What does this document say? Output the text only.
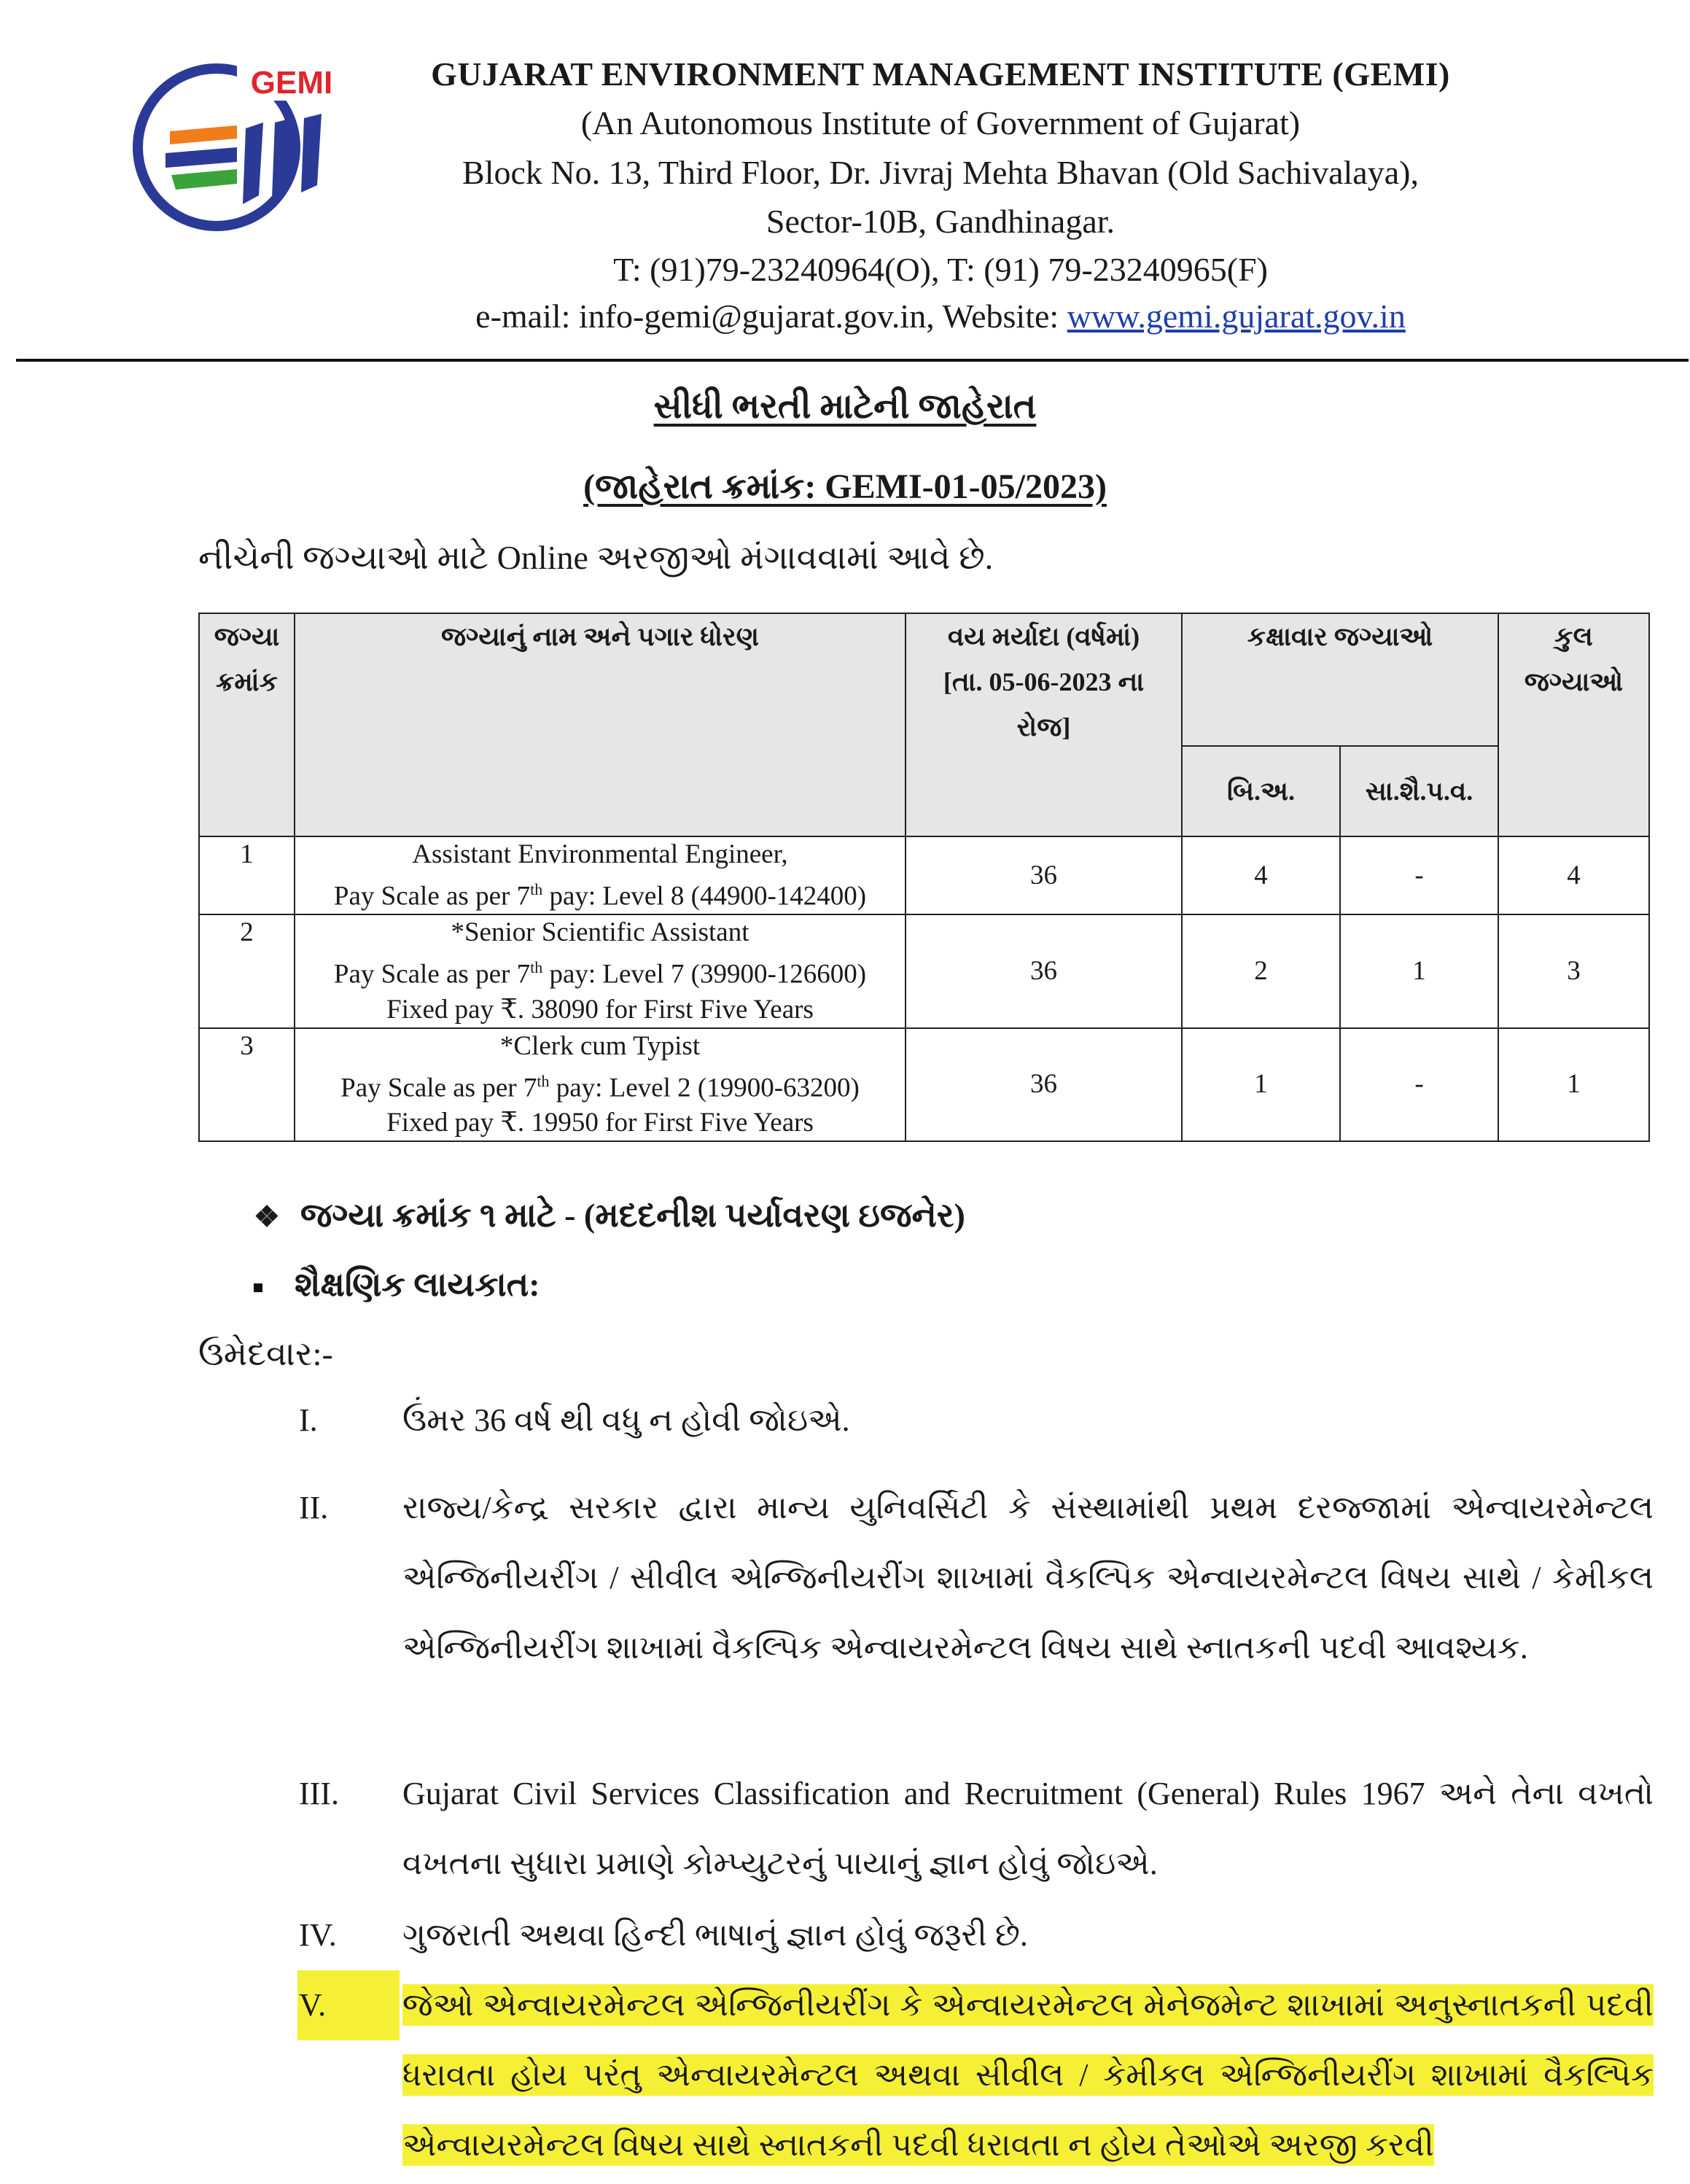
GEMI	GUJARAT ENVIRONMENT MANAGEMENT INSTITUTE (GEMI)
(An Autonomous Institute of Government of Gujarat)
Block No. 13, Third Floor, Dr. Jivraj Mehta Bhavan (Old Sachivalaya),
Sector-10B, Gandhinagar.
T: (91)79-23240964(O), T: (91) 79-23240965(F)
e-mail: info-gemi@gujarat.gov.in, Website: www.gemi.gujarat.gov.in
સીધી ભરતી માટેની જાહેરાત
(જાહેરાત ક્રમાંક: GEMI-01-05/2023)
નીચેની જગ્યાઓ માટે Online અરજીઓ મંગાવવામાં આવે છે.
જગ્યા
ક્રમાંક	જગ્યાનું નામ અને પગાર ધોરણ	વય મર્યાદા (વર્ષમાં)
[તા. 05-06-2023 ના
રોજ]	કક્ષાવાર જગ્યાઓ		કુલ
જગ્યાઓ
			બિ.અ.	સા.શૈ.પ.વ.	
1	Assistant Environmental Engineer,
Pay Scale as per 7th pay: Level 8 (44900-142400)	36	4	-	4
2	*Senior Scientific Assistant
Pay Scale as per 7th pay: Level 7 (39900-126600)
Fixed pay ₹. 38090 for First Five Years	36	2	1	3
3	*Clerk cum Typist
Pay Scale as per 7th pay: Level 2 (19900-63200)
Fixed pay ₹. 19950 for First Five Years	36	1	-	1
❖ જગ્યા ક્રમાંક ૧ માટે - (મદદનીશ પર્યાવરણ ઇજનેર)
શૈક્ષણિક લાયકાત:
ઉમેદવાર:-
I.	ઉંમર 36 વર્ષ થી વધુ ન હોવી જોઇએ.
II.	રાજ્ય/કેન્દ્ર સરકાર દ્વારા માન્ય યુનિવર્સિટી કે સંસ્થામાંથી પ્રથમ દરજ્જામાં એન્વાયરમેન્ટલ એન્જિનીયરીંગ / સીવીલ એન્જિનીયરીંગ શાખામાં વૈકલ્પિક એન્વાયરમેન્ટલ વિષય સાથે / કેમીકલ એન્જિનીયરીંગ શાખામાં વૈકલ્પિક એન્વાયરમેન્ટલ વિષય સાથે સ્નાતકની પદવી આવશ્યક.
III.	Gujarat Civil Services Classification and Recruitment (General) Rules 1967 અને તેના વખતો વખતના સુધારા પ્રમાણે કોમ્પ્યુટરનું પાયાનું જ્ઞાન હોવું જોઇએ.
IV.	ગુજરાતી અથવા હિન્દી ભાષાનું જ્ઞાન હોવું જરૂરી છે.
V.	જેઓ એન્વાયરમેન્ટલ એન્જિનીયરીંગ કે એન્વાયરમેન્ટલ મેનેજમેન્ટ શાખામાં અનુસ્નાતકની પદવી ધરાવતા હોય પરંતુ એન્વાયરમેન્ટલ અથવા સીવીલ / કેમીકલ એન્જિનીયરીંગ શાખામાં વૈકલ્પિક એન્વાયરમેન્ટલ વિષય સાથે સ્નાતકની પદવી ધરાવતા ન હોય તેઓએ અરજી કરવી
